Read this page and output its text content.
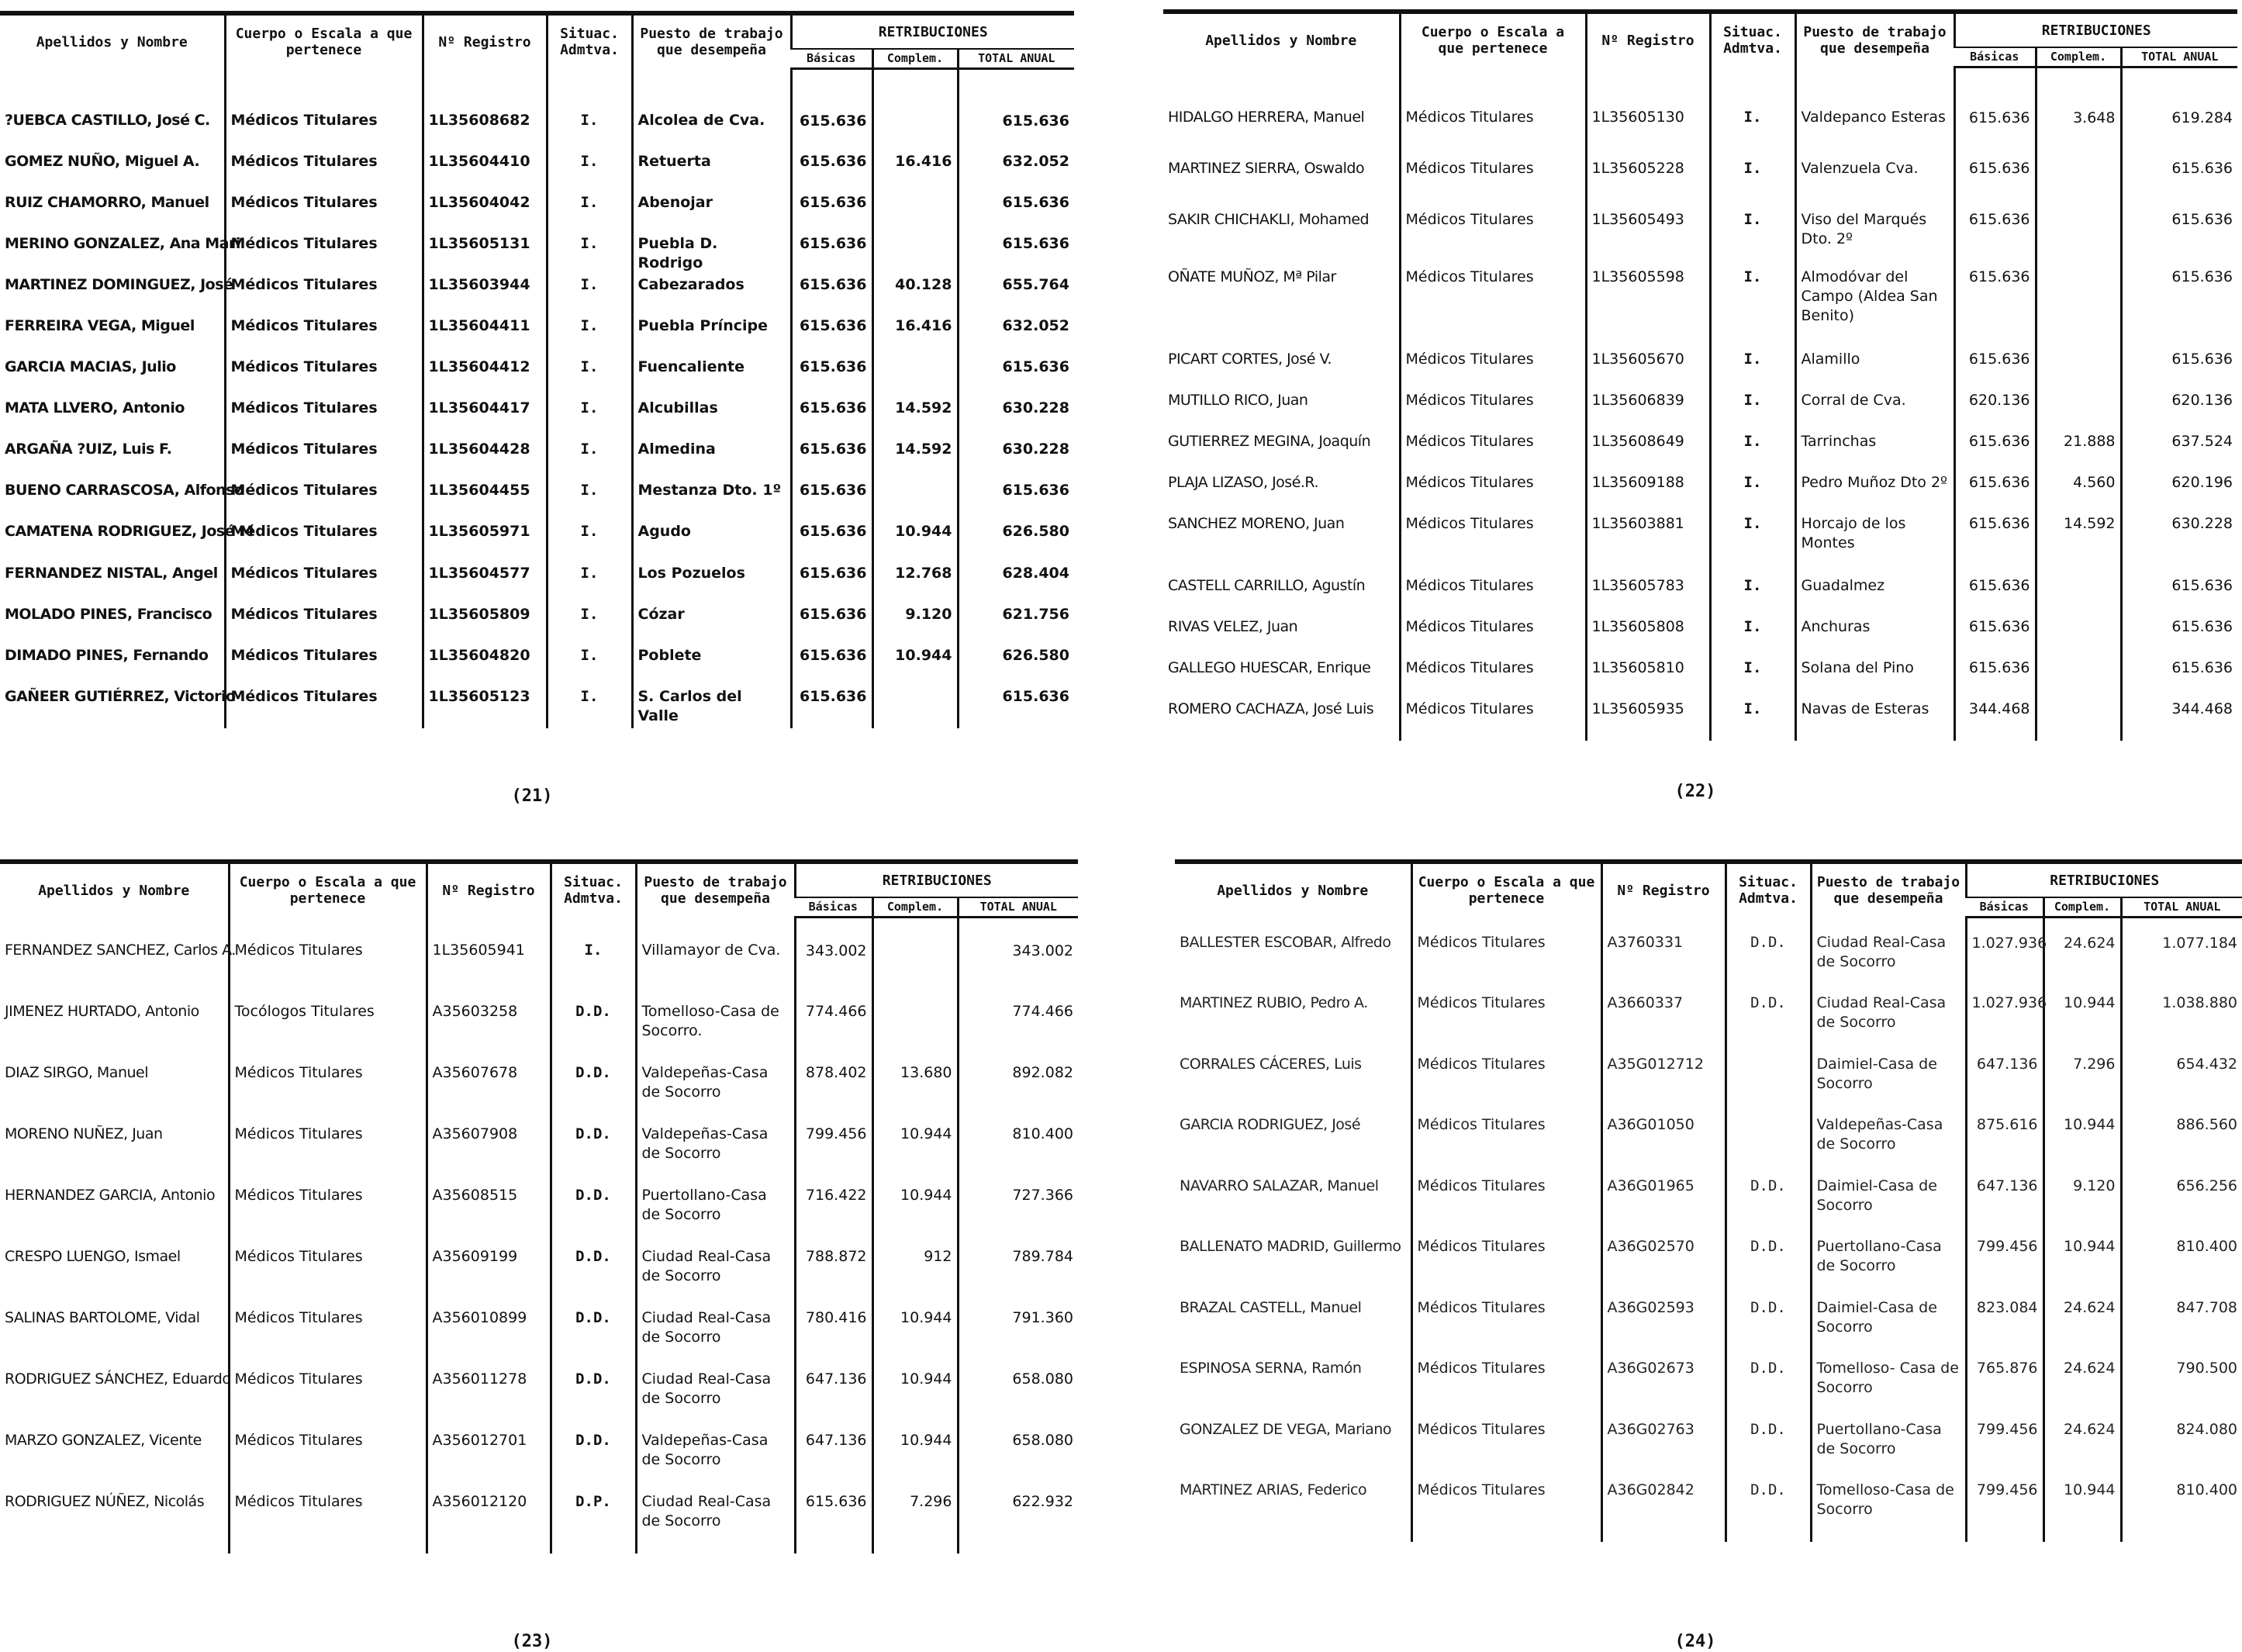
Apellidos y Nombre	Cuerpo o Escala a que pertenece	Nº Registro	Situac. Admtva.	Puesto de trabajo que desempeña	RETRIBUCIONES		
					Básicas	Complem.	TOTAL ANUAL
?UEBCA CASTILLO, José C.	Médicos Titulares	1L35608682	I.	Alcolea de Cva.	615.636		615.636
GOMEZ NUÑO, Miguel A.	Médicos Titulares	1L35604410	I.	Retuerta	615.636	16.416	632.052
RUIZ CHAMORRO, Manuel	Médicos Titulares	1L35604042	I.	Abenojar	615.636		615.636
MERINO GONZALEZ, Ana Mari	Médicos Titulares	1L35605131	I.	Puebla D. Rodrigo	615.636		615.636
MARTINEZ DOMINGUEZ, José	Médicos Titulares	1L35603944	I.	Cabezarados	615.636	40.128	655.764
FERREIRA VEGA, Miguel	Médicos Titulares	1L35604411	I.	Puebla Príncipe	615.636	16.416	632.052
GARCIA MACIAS, Julio	Médicos Titulares	1L35604412	I.	Fuencaliente	615.636		615.636
MATA LLVERO, Antonio	Médicos Titulares	1L35604417	I.	Alcubillas	615.636	14.592	630.228
ARGAÑA ?UIZ, Luis F.	Médicos Titulares	1L35604428	I.	Almedina	615.636	14.592	630.228
BUENO CARRASCOSA, Alfonso	Médicos Titulares	1L35604455	I.	Mestanza Dto. 1º	615.636		615.636
CAMATENA RODRIGUEZ, José M	Médicos Titulares	1L35605971	I.	Agudo	615.636	10.944	626.580
FERNANDEZ NISTAL, Angel	Médicos Titulares	1L35604577	I.	Los Pozuelos	615.636	12.768	628.404
MOLADO PINES, Francisco	Médicos Titulares	1L35605809	I.	Cózar	615.636	9.120	621.756
DIMADO PINES, Fernando	Médicos Titulares	1L35604820	I.	Poblete	615.636	10.944	626.580
GAÑEER GUTIÉRREZ, Victorio	Médicos Titulares	1L35605123	I.	S. Carlos del Valle	615.636		615.636
(21)
Apellidos y Nombre	Cuerpo o Escala a que pertenece	Nº Registro	Situac. Admtva.	Puesto de trabajo que desempeña	RETRIBUCIONES		
					Básicas	Complem.	TOTAL ANUAL
HIDALGO HERRERA, Manuel	Médicos Titulares	1L35605130	I.	Valdepanco Esteras	615.636	3.648	619.284
MARTINEZ SIERRA, Oswaldo	Médicos Titulares	1L35605228	I.	Valenzuela Cva.	615.636		615.636
SAKIR CHICHAKLI, Mohamed	Médicos Titulares	1L35605493	I.	Viso del Marqués Dto. 2º	615.636		615.636
OÑATE MUÑOZ, Mª Pilar	Médicos Titulares	1L35605598	I.	Almodóvar del Campo (Aldea San Benito)	615.636		615.636
PICART CORTES, José V.	Médicos Titulares	1L35605670	I.	Alamillo	615.636		615.636
MUTILLO RICO, Juan	Médicos Titulares	1L35606839	I.	Corral de Cva.	620.136		620.136
GUTIERREZ MEGINA, Joaquín	Médicos Titulares	1L35608649	I.	Tarrinchas	615.636	21.888	637.524
PLAJA LIZASO, José.R.	Médicos Titulares	1L35609188	I.	Pedro Muñoz Dto 2º	615.636	4.560	620.196
SANCHEZ MORENO, Juan	Médicos Titulares	1L35603881	I.	Horcajo de los Montes	615.636	14.592	630.228
CASTELL CARRILLO, Agustín	Médicos Titulares	1L35605783	I.	Guadalmez	615.636		615.636
RIVAS VELEZ, Juan	Médicos Titulares	1L35605808	I.	Anchuras	615.636		615.636
GALLEGO HUESCAR, Enrique	Médicos Titulares	1L35605810	I.	Solana del Pino	615.636		615.636
ROMERO CACHAZA, José Luis	Médicos Titulares	1L35605935	I.	Navas de Esteras	344.468		344.468
(22)
Apellidos y Nombre	Cuerpo o Escala a que pertenece	Nº Registro	Situac. Admtva.	Puesto de trabajo que desempeña	RETRIBUCIONES		
					Básicas	Complem.	TOTAL ANUAL
FERNANDEZ SANCHEZ, Carlos A.	Médicos Titulares	1L35605941	I.	Villamayor de Cva.	343.002		343.002
JIMENEZ HURTADO, Antonio	Tocólogos Titulares	A35603258	D.D.	Tomelloso-Casa de Socorro.	774.466		774.466
DIAZ SIRGO, Manuel	Médicos Titulares	A35607678	D.D.	Valdepeñas-Casa de Socorro	878.402	13.680	892.082
MORENO NUÑEZ, Juan	Médicos Titulares	A35607908	D.D.	Valdepeñas-Casa de Socorro	799.456	10.944	810.400
HERNANDEZ GARCIA, Antonio	Médicos Titulares	A35608515	D.D.	Puertollano-Casa de Socorro	716.422	10.944	727.366
CRESPO LUENGO, Ismael	Médicos Titulares	A35609199	D.D.	Ciudad Real-Casa de Socorro	788.872	912	789.784
SALINAS BARTOLOME, Vidal	Médicos Titulares	A356010899	D.D.	Ciudad Real-Casa de Socorro	780.416	10.944	791.360
RODRIGUEZ SÁNCHEZ, Eduardo	Médicos Titulares	A356011278	D.D.	Ciudad Real-Casa de Socorro	647.136	10.944	658.080
MARZO GONZALEZ, Vicente	Médicos Titulares	A356012701	D.D.	Valdepeñas-Casa de Socorro	647.136	10.944	658.080
RODRIGUEZ NÚÑEZ, Nicolás	Médicos Titulares	A356012120	D.P.	Ciudad Real-Casa de Socorro	615.636	7.296	622.932
(23)
Apellidos y Nombre	Cuerpo o Escala a que pertenece	Nº Registro	Situac. Admtva.	Puesto de trabajo que desempeña	RETRIBUCIONES		
					Básicas	Complem.	TOTAL ANUAL
BALLESTER ESCOBAR, Alfredo	Médicos Titulares	A3760331	D.D.	Ciudad Real-Casa de Socorro	1.027.936	24.624	1.077.184
MARTINEZ RUBIO, Pedro A.	Médicos Titulares	A3660337	D.D.	Ciudad Real-Casa de Socorro	1.027.936	10.944	1.038.880
CORRALES CÁCERES, Luis	Médicos Titulares	A35G012712		Daimiel-Casa de Socorro	647.136	7.296	654.432
GARCIA RODRIGUEZ, José	Médicos Titulares	A36G01050		Valdepeñas-Casa de Socorro	875.616	10.944	886.560
NAVARRO SALAZAR, Manuel	Médicos Titulares	A36G01965	D.D.	Daimiel-Casa de Socorro	647.136	9.120	656.256
BALLENATO MADRID, Guillermo	Médicos Titulares	A36G02570	D.D.	Puertollano-Casa de Socorro	799.456	10.944	810.400
BRAZAL CASTELL, Manuel	Médicos Titulares	A36G02593	D.D.	Daimiel-Casa de Socorro	823.084	24.624	847.708
ESPINOSA SERNA, Ramón	Médicos Titulares	A36G02673	D.D.	Tomelloso- Casa de Socorro	765.876	24.624	790.500
GONZALEZ DE VEGA, Mariano	Médicos Titulares	A36G02763	D.D.	Puertollano-Casa de Socorro	799.456	24.624	824.080
MARTINEZ ARIAS, Federico	Médicos Titulares	A36G02842	D.D.	Tomelloso-Casa de Socorro	799.456	10.944	810.400
(24)
